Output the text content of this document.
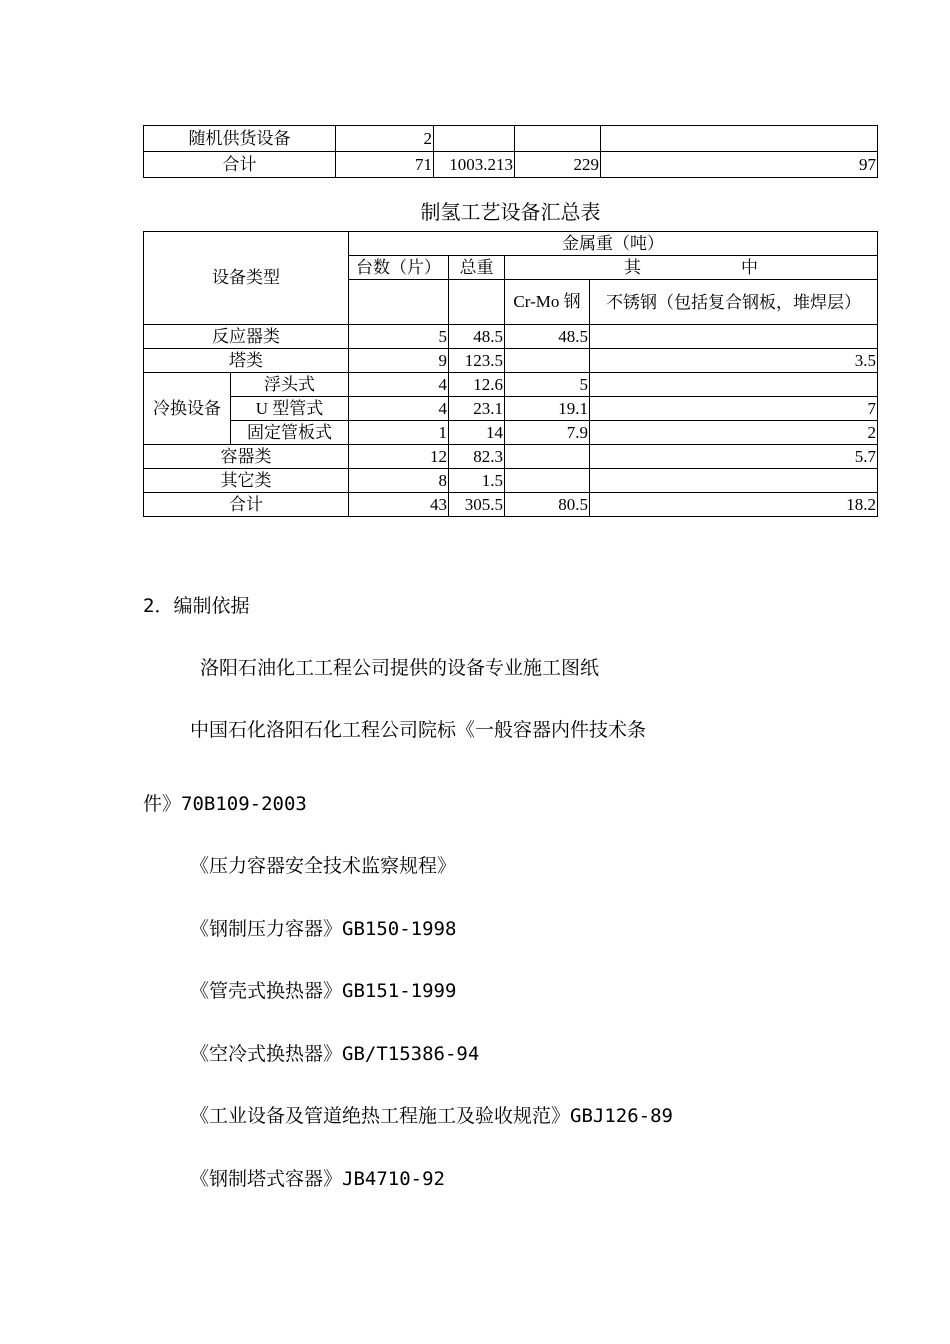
随机供货设备	2			
合计	71	1003.213	229	97
制氢工艺设备汇总表
设备类型		金属重（吨）			
		台数（片）	总重	其 中	
				Cr-Mo 钢	不锈钢（包括复合钢板，堆焊层）
反应器类		5	48.5	48.5	
塔类		9	123.5		3.5
冷换设备	浮头式	4	12.6	5	
	U 型管式	4	23.1	19.1	7
	固定管板式	1	14	7.9	2
容器类		12	82.3		5.7
其它类		8	1.5		
合计		43	305.5	80.5	18.2
2．编制依据
洛阳石油化工工程公司提供的设备专业施工图纸
中国石化洛阳石化工程公司院标《一般容器内件技术条
件》70B109-2003
《压力容器安全技术监察规程》
《钢制压力容器》GB150-1998
《管壳式换热器》GB151-1999
《空冷式换热器》GB/T15386-94
《工业设备及管道绝热工程施工及验收规范》GBJ126-89
《钢制塔式容器》JB4710-92
